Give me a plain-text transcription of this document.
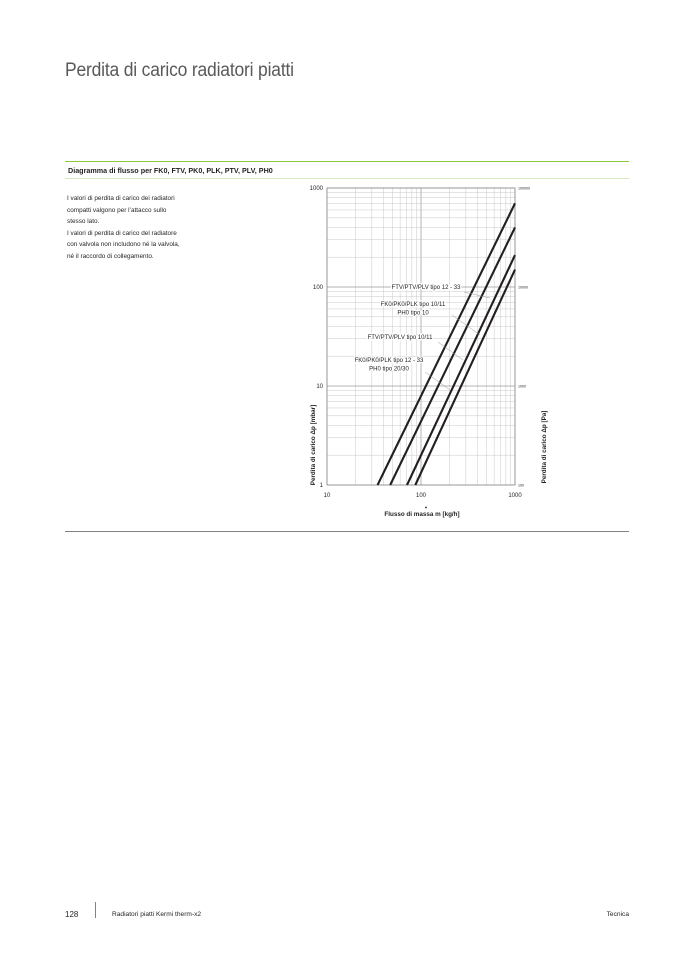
Perdita di carico radiatori piatti
Diagramma di flusso per FK0, FTV, PK0, PLK, PTV, PLV, PH0

I valori di perdita di carico dei radiatori

compatti valgono per l’attacco sullo

stesso lato.

I valori di perdita di carico del radiatore

con valvola non includono né la valvola,

né il raccordo di collegamento.

1
10
100
1000
100
1000
10000
100000
10	100	1000
Flusso di massa m [kg/h]
Perdita di carico Δp [mbar]	Perdita di carico Δp [Pa]
FTV/PTV/PLV tipo 12 - 33
FK0/PK0/PLK tipo 10/11
PH0 tipo 10
FTV/PTV/PLV tipo 10/11
FK0/PK0/PLK tipo 12 - 33
PH0 tipo 20/30
128	Radiatori piatti Kermi therm-x2	Tecnica
